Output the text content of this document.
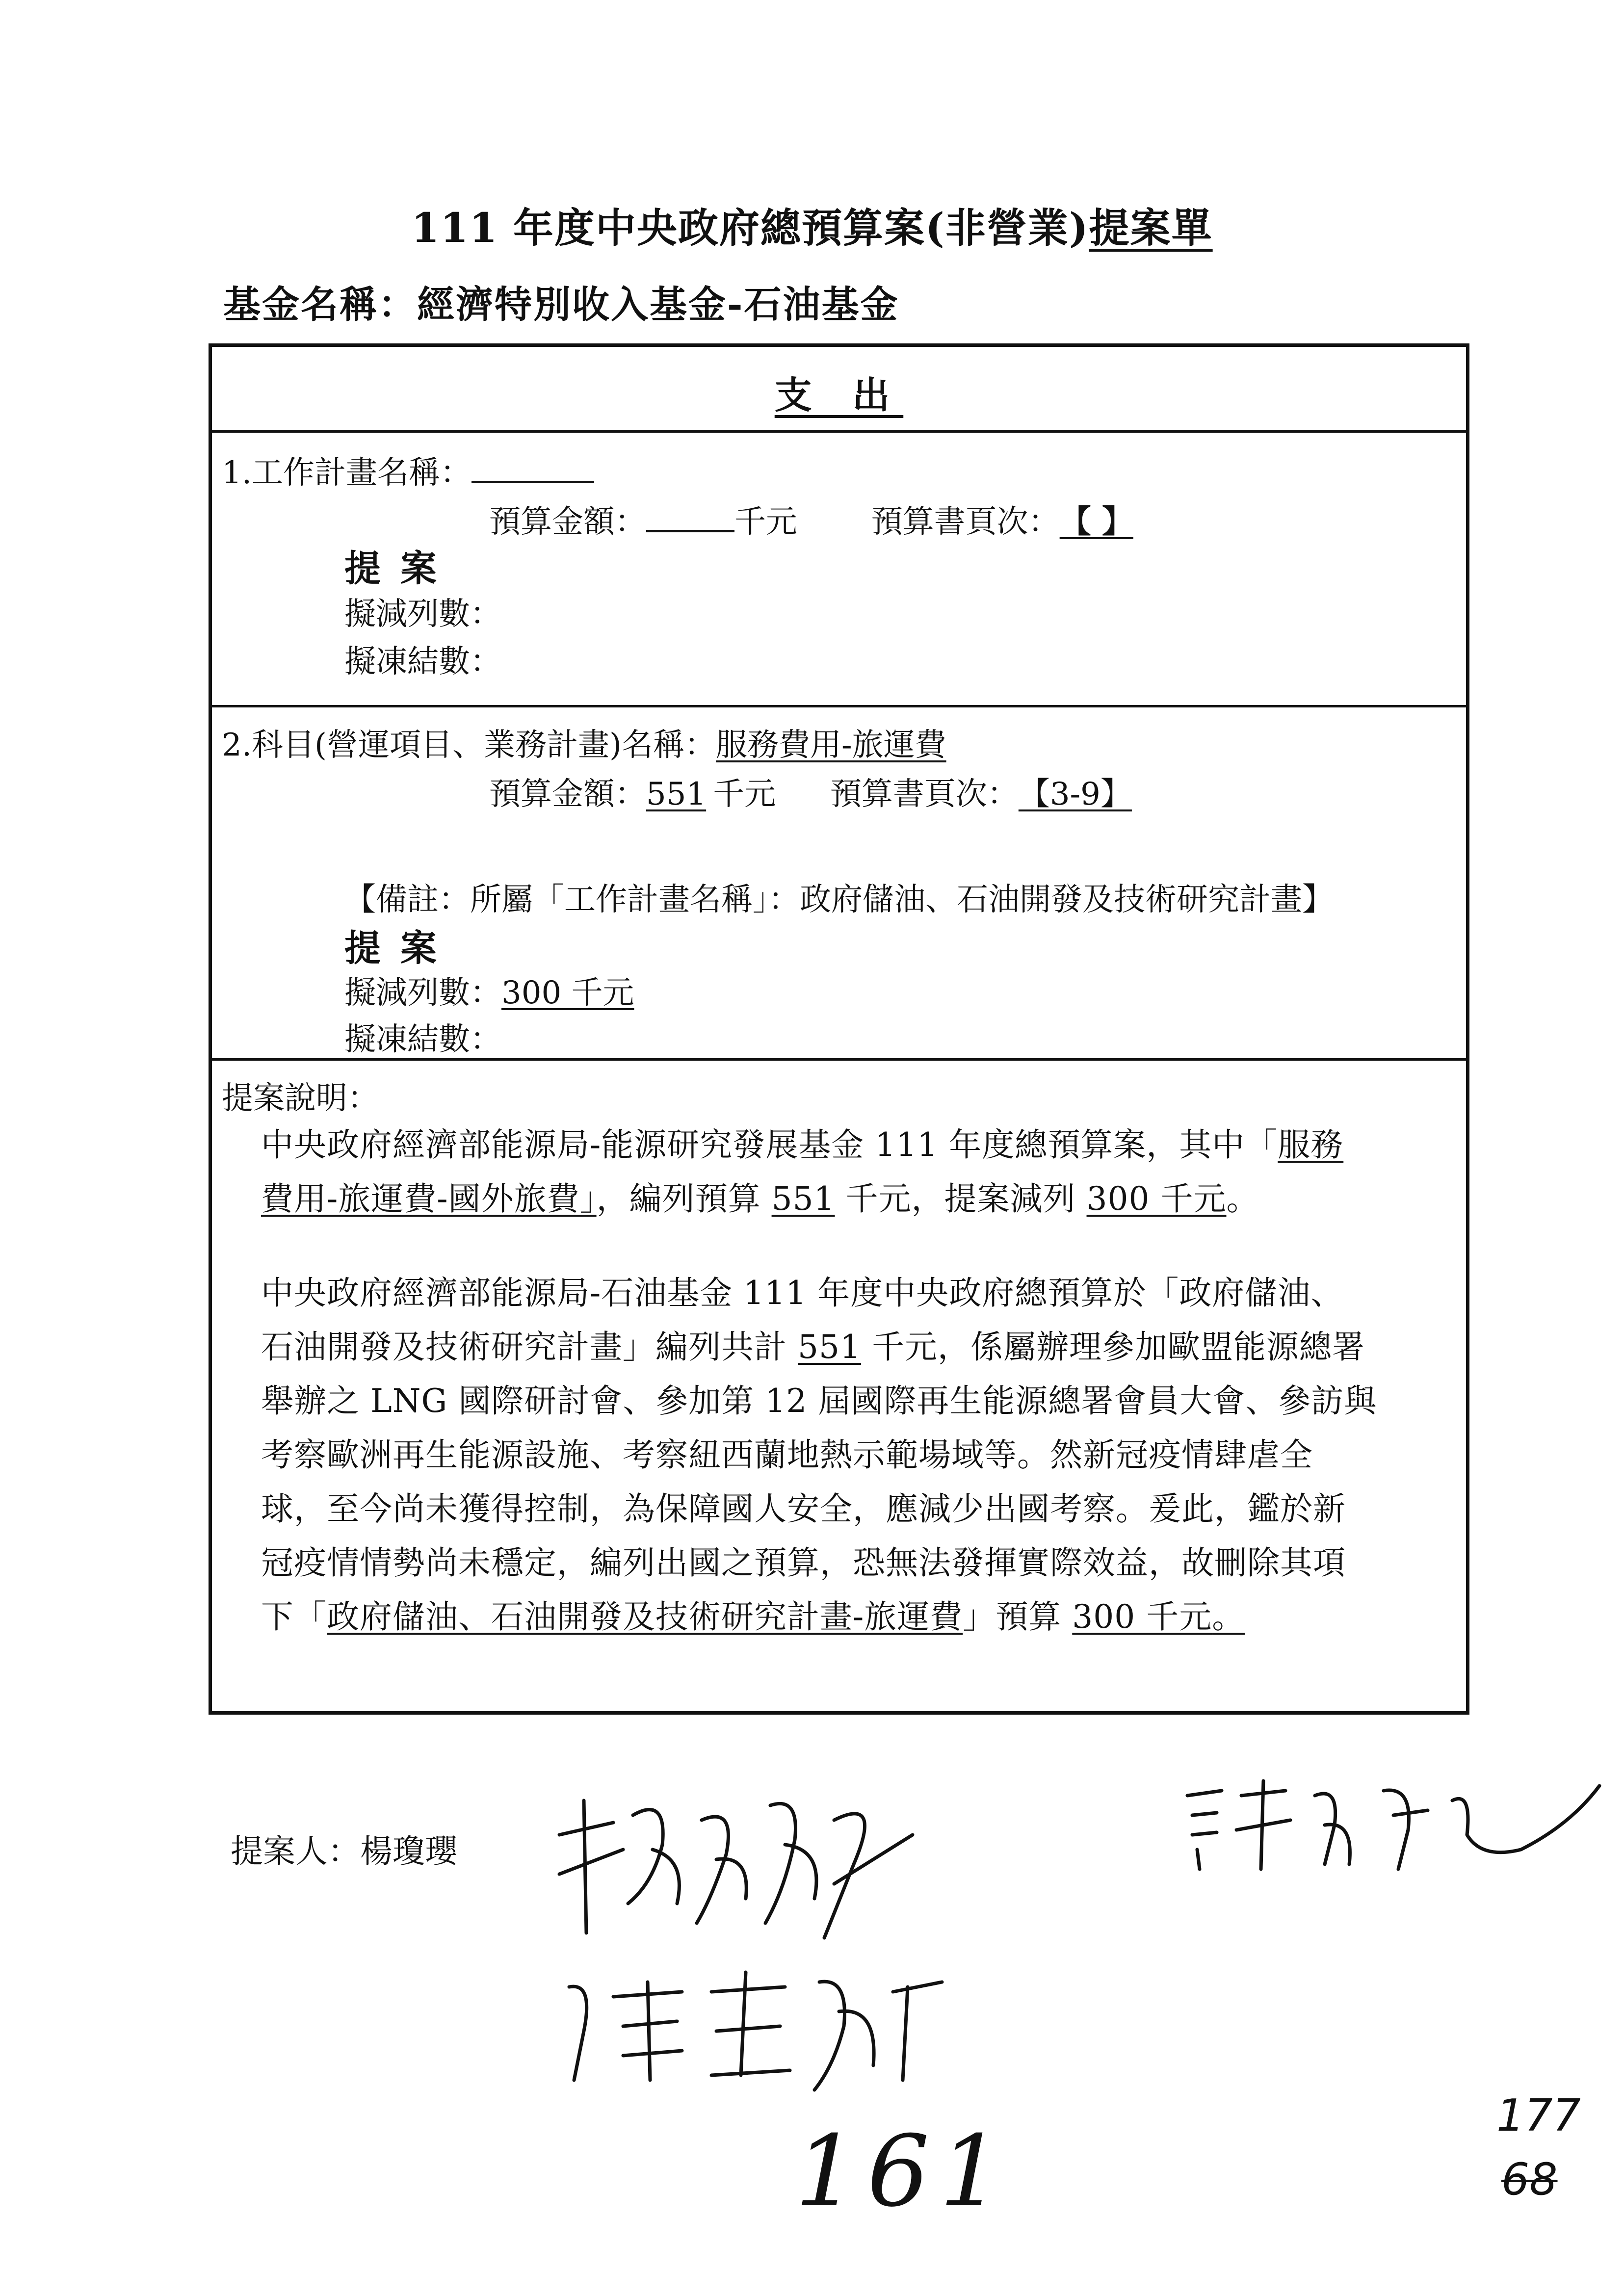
111 年度中央政府總預算案(非營業)提案單
基金名稱：經濟特別收入基金-石油基金
支 出
1.工作計畫名稱：
預算金額：	千元 預算書頁次：【 】
提案
擬減列數：
擬凍結數：
2.科目(營運項目、業務計畫)名稱：服務費用-旅運費
預算金額：551 千元 預算書頁次：【3-9】
【備註：所屬「工作計畫名稱」：政府儲油、石油開發及技術研究計畫】
提案
擬減列數：300 千元
擬凍結數：
提案說明：
中央政府經濟部能源局-能源研究發展基金 111 年度總預算案，其中「服務
費用-旅運費-國外旅費」，編列預算 551 千元，提案減列 300 千元。
中央政府經濟部能源局-石油基金 111 年度中央政府總預算於「政府儲油、
石油開發及技術研究計畫」編列共計 551 千元，係屬辦理參加歐盟能源總署
舉辦之 LNG 國際研討會、參加第 12 屆國際再生能源總署會員大會、參訪與
考察歐洲再生能源設施、考察紐西蘭地熱示範場域等。然新冠疫情肆虐全
球，至今尚未獲得控制，為保障國人安全，應減少出國考察。爰此，鑑於新
冠疫情情勢尚未穩定，編列出國之預算，恐無法發揮實際效益，故刪除其項
下「政府儲油、石油開發及技術研究計畫-旅運費」預算 300 千元。
提案人：楊瓊瓔
161	177
68
